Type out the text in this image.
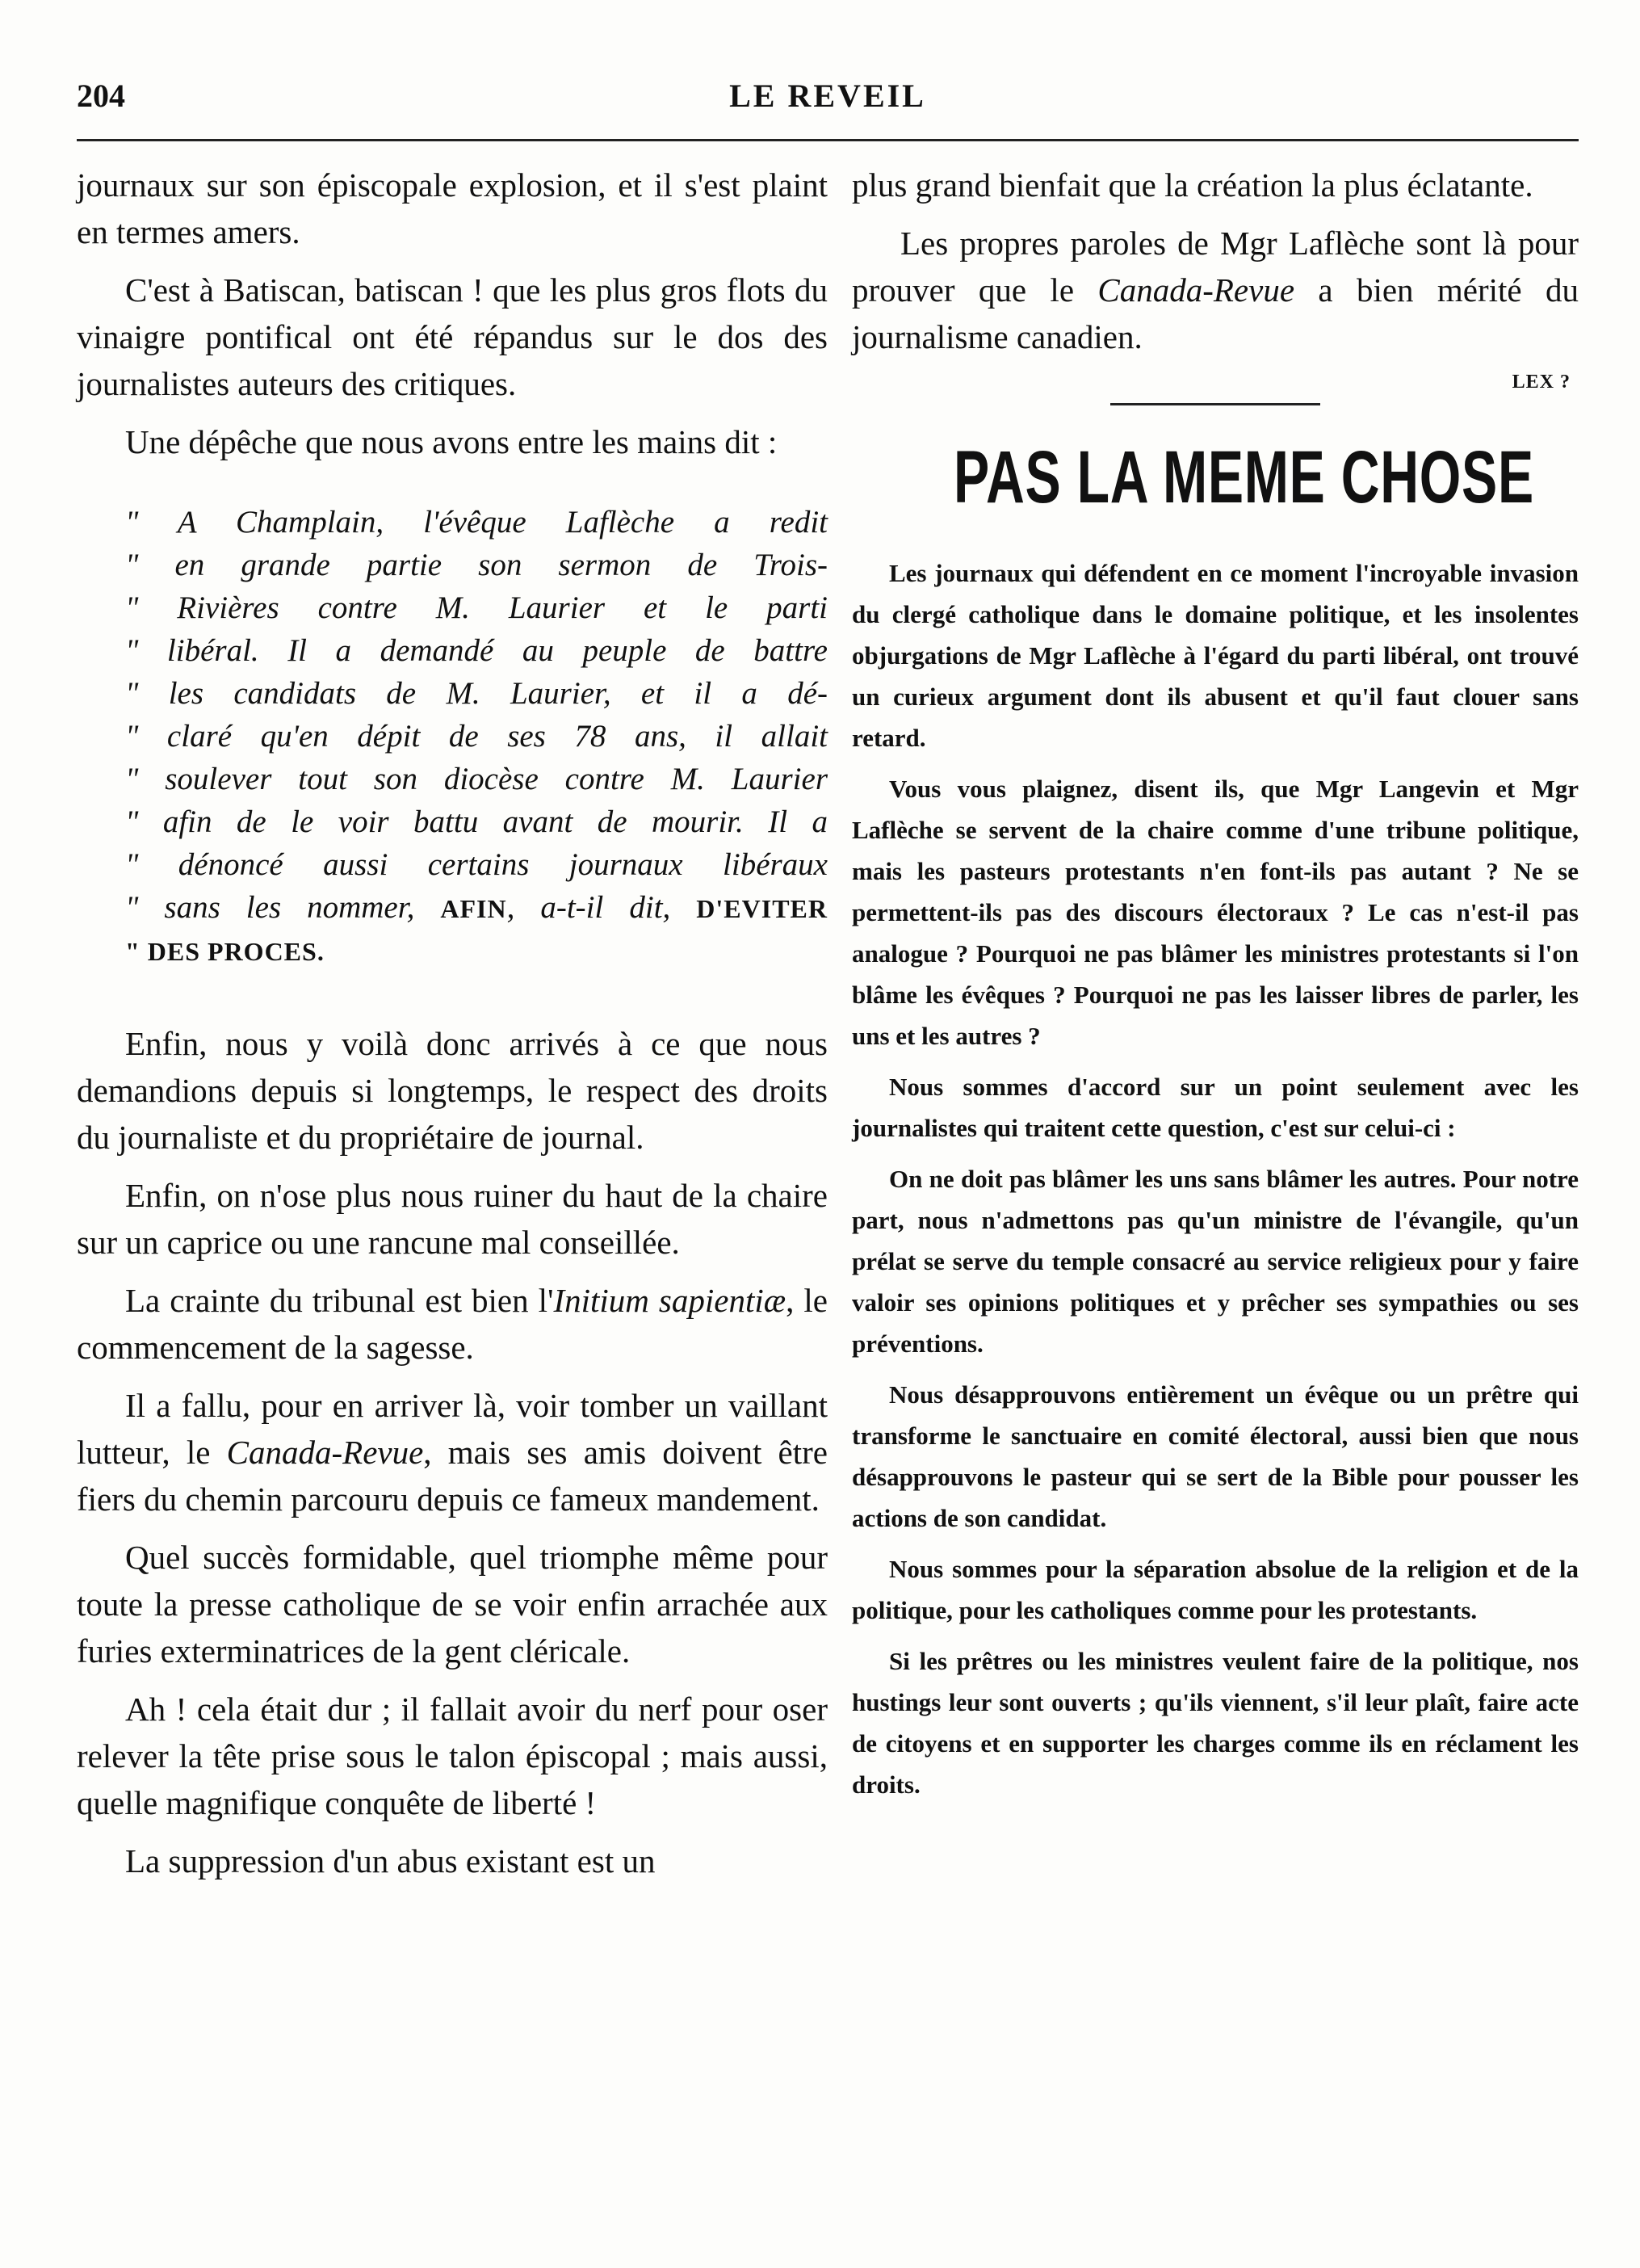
204	LE REVEIL

journaux sur son épiscopale explosion, et il s'est plaint en termes amers.

C'est à Batiscan, batiscan ! que les plus gros flots du vinaigre pontifical ont été répandus sur le dos des journalistes auteurs des critiques.

Une dépêche que nous avons entre les mains dit :

" A Champlain, l'évêque Laflèche a redit
" en grande partie son sermon de Trois-
" Rivières contre M. Laurier et le parti
" libéral. Il a demandé au peuple de battre
" les candidats de M. Laurier, et il a dé-
" claré qu'en dépit de ses 78 ans, il allait
" soulever tout son diocèse contre M. Laurier
" afin de le voir battu avant de mourir. Il a
" dénoncé aussi certains journaux libéraux
" sans les nommer, AFIN, a-t-il dit, D'EVITER
" DES PROCES.

Enfin, nous y voilà donc arrivés à ce que nous demandions depuis si longtemps, le respect des droits du journaliste et du propriétaire de journal.

Enfin, on n'ose plus nous ruiner du haut de la chaire sur un caprice ou une rancune mal conseillée.

La crainte du tribunal est bien l'Initium sapientiæ, le commencement de la sagesse.

Il a fallu, pour en arriver là, voir tomber un vaillant lutteur, le Canada-Revue, mais ses amis doivent être fiers du chemin parcouru depuis ce fameux mandement.

Quel succès formidable, quel triomphe même pour toute la presse catholique de se voir enfin arrachée aux furies exterminatrices de la gent cléricale.

Ah ! cela était dur ; il fallait avoir du nerf pour oser relever la tête prise sous le talon épiscopal ; mais aussi, quelle magnifique conquête de liberté !

La suppression d'un abus existant est un

plus grand bienfait que la création la plus éclatante.

Les propres paroles de Mgr Laflèche sont là pour prouver que le Canada-Revue a bien mérité du journalisme canadien.

LEX ?
PAS LA MEME CHOSE

Les journaux qui défendent en ce moment l'incroyable invasion du clergé catholique dans le domaine politique, et les insolentes objurgations de Mgr Laflèche à l'égard du parti libéral, ont trouvé un curieux argument dont ils abusent et qu'il faut clouer sans retard.

Vous vous plaignez, disent ils, que Mgr Langevin et Mgr Laflèche se servent de la chaire comme d'une tribune politique, mais les pasteurs protestants n'en font-ils pas autant ? Ne se permettent-ils pas des discours électoraux ? Le cas n'est-il pas analogue ? Pourquoi ne pas blâmer les ministres protestants si l'on blâme les évêques ? Pourquoi ne pas les laisser libres de parler, les uns et les autres ?

Nous sommes d'accord sur un point seulement avec les journalistes qui traitent cette question, c'est sur celui-ci :

On ne doit pas blâmer les uns sans blâmer les autres. Pour notre part, nous n'admettons pas qu'un ministre de l'évangile, qu'un prélat se serve du temple consacré au service religieux pour y faire valoir ses opinions politiques et y prêcher ses sympathies ou ses préventions.

Nous désapprouvons entièrement un évêque ou un prêtre qui transforme le sanctuaire en comité électoral, aussi bien que nous désapprouvons le pasteur qui se sert de la Bible pour pousser les actions de son candidat.

Nous sommes pour la séparation absolue de la religion et de la politique, pour les catholiques comme pour les protestants.

Si les prêtres ou les ministres veulent faire de la politique, nos hustings leur sont ouverts ; qu'ils viennent, s'il leur plaît, faire acte de citoyens et en supporter les charges comme ils en réclament les droits.
